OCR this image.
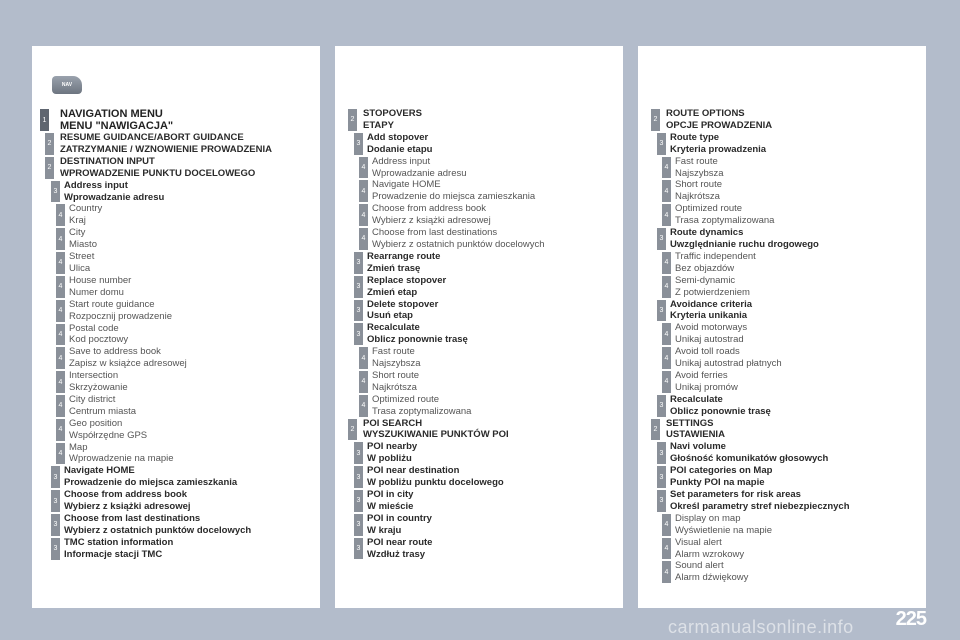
NAV
1 NAVIGATION MENU
MENU "NAWIGACJA"
2
RESUME GUIDANCE/ABORT GUIDANCE
ZATRZYMANIE / WZNOWIENIE PROWADZENIA
2
DESTINATION INPUT
WPROWADZENIE PUNKTU DOCELOWEGO
3
Address input
Wprowadzanie adresu
4
Country
Kraj
4
City
Miasto
4
Street
Ulica
4
House number
Numer domu
4
Start route guidance
Rozpocznij prowadzenie
4
Postal code
Kod pocztowy
4
Save to address book
Zapisz w książce adresowej
4
Intersection
Skrzyżowanie
4
City district
Centrum miasta
4
Geo position
Współrzędne GPS
4
Map
Wprowadzenie na mapie
3
Navigate HOME
Prowadzenie do miejsca zamieszkania
3
Choose from address book
Wybierz z książki adresowej
3
Choose from last destinations
Wybierz z ostatnich punktów docelowych
3
TMC station information
Informacje stacji TMC
2
STOPOVERS
ETAPY
3
Add stopover
Dodanie etapu
4
Address input
Wprowadzanie adresu
4
Navigate HOME
Prowadzenie do miejsca zamieszkania
4
Choose from address book
Wybierz z książki adresowej
4
Choose from last destinations
Wybierz z ostatnich punktów docelowych
3
Rearrange route
Zmień trasę
3
Replace stopover
Zmień etap
3
Delete stopover
Usuń etap
3
Recalculate
Oblicz ponownie trasę
4
Fast route
Najszybsza
4
Short route
Najkrótsza
4
Optimized route
Trasa zoptymalizowana
2
POI SEARCH
WYSZUKIWANIE PUNKTÓW POI
3
POI nearby
W pobliżu
3
POI near destination
W pobliżu punktu docelowego
3
POI in city
W mieście
3
POI in country
W kraju
3
POI near route
Wzdłuż trasy
2
ROUTE OPTIONS
OPCJE PROWADZENIA
3
Route type
Kryteria prowadzenia
4
Fast route
Najszybsza
4
Short route
Najkrótsza
4
Optimized route
Trasa zoptymalizowana
3
Route dynamics
Uwzględnianie ruchu drogowego
4
Traffic independent
Bez objazdów
4
Semi-dynamic
Z potwierdzeniem
3
Avoidance criteria
Kryteria unikania
4
Avoid motorways
Unikaj autostrad
4
Avoid toll roads
Unikaj autostrad płatnych
4
Avoid ferries
Unikaj promów
3
Recalculate
Oblicz ponownie trasę
2
SETTINGS
USTAWIENIA
3
Navi volume
Głośność komunikatów głosowych
3
POI categories on Map
Punkty POI na mapie
3
Set parameters for risk areas
Określ parametry stref niebezpiecznych
4
Display on map
Wyświetlenie na mapie
4
Visual alert
Alarm wzrokowy
4
Sound alert
Alarm dźwiękowy
225
carmanualsonline.info
